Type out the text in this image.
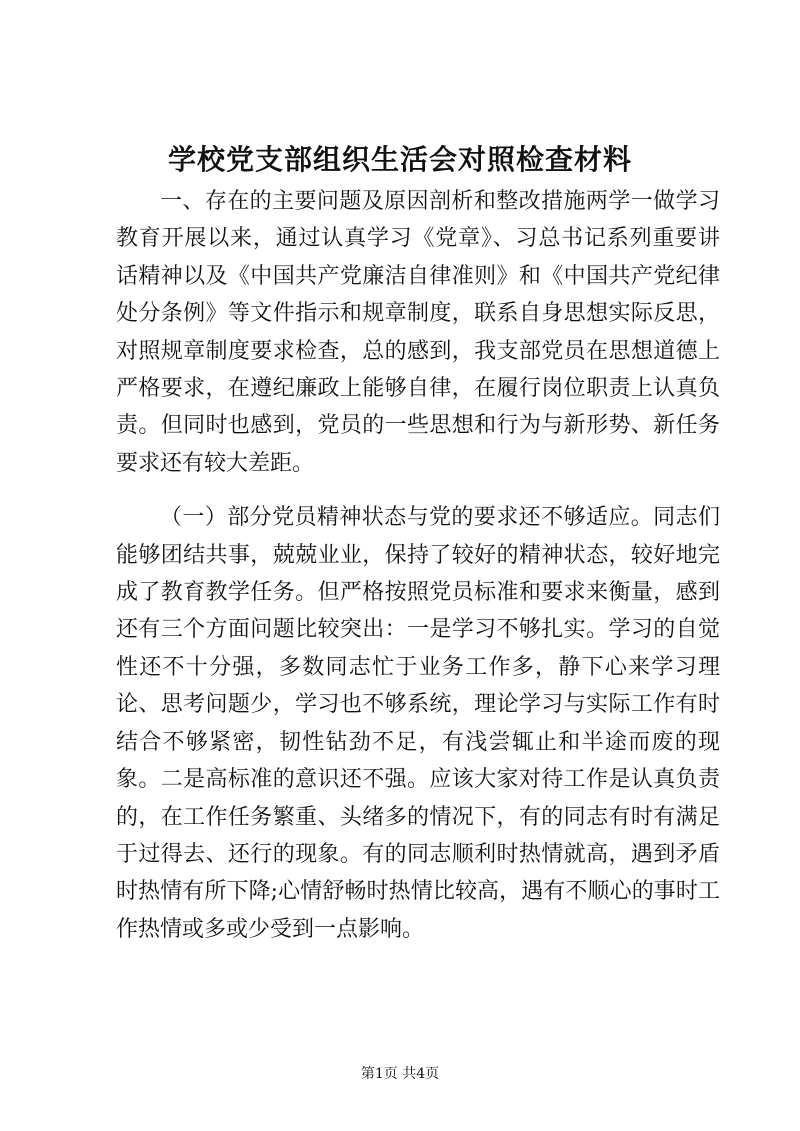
学校党支部组织生活会对照检查材料

一、存在的主要问题及原因剖析和整改措施两学一做学习教育开展以来，通过认真学习《党章》、习总书记系列重要讲话精神以及《中国共产党廉洁自律准则》和《中国共产党纪律处分条例》等文件指示和规章制度，联系自身思想实际反思，对照规章制度要求检查，总的感到，我支部党员在思想道德上严格要求，在遵纪廉政上能够自律，在履行岗位职责上认真负责。但同时也感到，党员的一些思想和行为与新形势、新任务要求还有较大差距。

（一）部分党员精神状态与党的要求还不够适应。同志们能够团结共事，兢兢业业，保持了较好的精神状态，较好地完成了教育教学任务。但严格按照党员标准和要求来衡量，感到还有三个方面问题比较突出：一是学习不够扎实。学习的自觉性还不十分强，多数同志忙于业务工作多，静下心来学习理论、思考问题少，学习也不够系统，理论学习与实际工作有时结合不够紧密，韧性钻劲不足，有浅尝辄止和半途而废的现象。二是高标准的意识还不强。应该大家对待工作是认真负责的，在工作任务繁重、头绪多的情况下，有的同志有时有满足于过得去、还行的现象。有的同志顺利时热情就高，遇到矛盾时热情有所下降;心情舒畅时热情比较高，遇有不顺心的事时工作热情或多或少受到一点影响。

第1页 共4页
